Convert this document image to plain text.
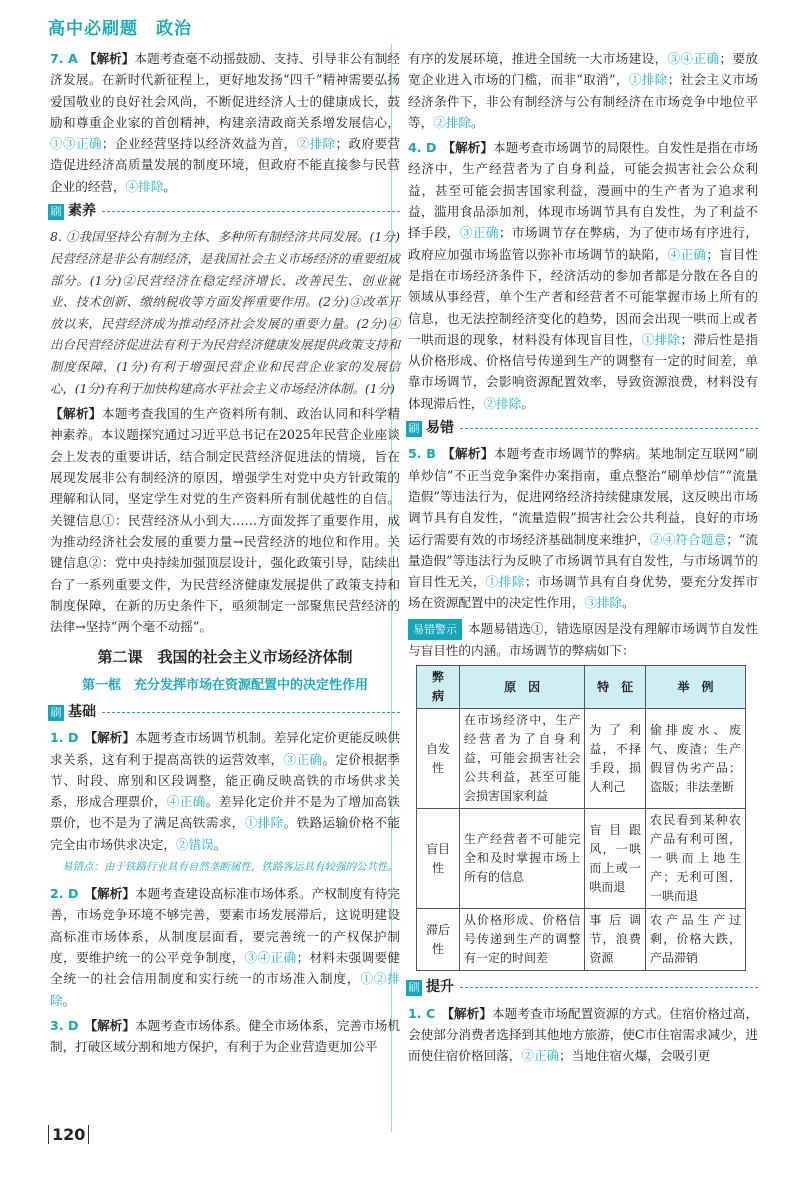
高中必刷题　政治

7. A 【解析】本题考查毫不动摇鼓励、支持、引导非公有制经济发展。在新时代新征程上，更好地发扬“四千”精神需要弘扬爱国敬业的良好社会风尚，不断促进经济人士的健康成长，鼓励和尊重企业家的首创精神，构建亲清政商关系增发展信心，①③正确；企业经营坚持以经济效益为首，②排除；政府要营造促进经济高质量发展的制度环境，但政府不能直接参与民营企业的经营，④排除。

刷 素养

8. ①我国坚持公有制为主体、多种所有制经济共同发展。(1分)民营经济是非公有制经济，是我国社会主义市场经济的重要组成部分。(1分)②民营经济在稳定经济增长、改善民生、创业就业、技术创新、缴纳税收等方面发挥重要作用。(2分)③改革开放以来，民营经济成为推动经济社会发展的重要力量。(2分)④出台民营经济促进法有利于为民营经济健康发展提供政策支持和制度保障，(1分)有利于增强民营企业和民营企业家的发展信心，(1分)有利于加快构建高水平社会主义市场经济体制。(1分)

【解析】本题考查我国的生产资料所有制、政治认同和科学精神素养。本议题探究通过习近平总书记在2025年民营企业座谈会上发表的重要讲话，结合制定民营经济促进法的情境，旨在展现发展非公有制经济的原因，增强学生对党中央方针政策的理解和认同，坚定学生对党的生产资料所有制优越性的自信。关键信息①：民营经济从小到大……方面发挥了重要作用，成为推动经济社会发展的重要力量→民营经济的地位和作用。关键信息②：党中央持续加强顶层设计，强化政策引导，陆续出台了一系列重要文件，为民营经济健康发展提供了政策支持和制度保障，在新的历史条件下，亟须制定一部聚焦民营经济的法律→坚持“两个毫不动摇”。

第二课　我国的社会主义市场经济体制
第一框　充分发挥市场在资源配置中的决定性作用
刷 基础

1. D 【解析】本题考查市场调节机制。差异化定价更能反映供求关系，这有利于提高高铁的运营效率，③正确。定价根据季节、时段、席别和区段调整，能正确反映高铁的市场供求关系，形成合理票价，④正确。差异化定价并不是为了增加高铁票价，也不是为了满足高铁需求，①排除。铁路运输价格不能完全由市场供求决定，②错误。

易错点：由于铁路行业具有自然垄断属性，铁路客运具有较强的公共性。

2. D 【解析】本题考查建设高标准市场体系。产权制度有待完善，市场竞争环境不够完善，要素市场发展滞后，这说明建设高标准市场体系，从制度层面看，要完善统一的产权保护制度，要维护统一的公平竞争制度，③④正确；材料未强调要健全统一的社会信用制度和实行统一的市场准入制度，①②排除。

3. D 【解析】本题考查市场体系。健全市场体系，完善市场机制，打破区域分割和地方保护，有利于为企业营造更加公平

有序的发展环境，推进全国统一大市场建设，③④正确；要放宽企业进入市场的门槛，而非“取消”，①排除；社会主义市场经济条件下，非公有制经济与公有制经济在市场竞争中地位平等，②排除。

4. D 【解析】本题考查市场调节的局限性。自发性是指在市场经济中，生产经营者为了自身利益，可能会损害社会公众利益，甚至可能会损害国家利益，漫画中的生产者为了追求利益，滥用食品添加剂，体现市场调节具有自发性，为了利益不择手段，③正确；市场调节存在弊病，为了使市场有序进行，政府应加强市场监管以弥补市场调节的缺陷，④正确；盲目性是指在市场经济条件下，经济活动的参加者都是分散在各自的领域从事经营，单个生产者和经营者不可能掌握市场上所有的信息，也无法控制经济变化的趋势，因而会出现一哄而上或者一哄而退的现象，材料没有体现盲目性，①排除；滞后性是指从价格形成、价格信号传递到生产的调整有一定的时间差，单靠市场调节，会影响资源配置效率，导致资源浪费，材料没有体现滞后性，②排除。

刷 易错

5. B 【解析】本题考查市场调节的弊病。某地制定互联网“刷单炒信”不正当竞争案件办案指南，重点整治“刷单炒信”“流量造假”等违法行为，促进网络经济持续健康发展，这反映出市场调节具有自发性，“流量造假”损害社会公共利益，良好的市场运行需要有效的市场经济基础制度来维护，②④符合题意；“流量造假”等违法行为反映了市场调节具有自发性，与市场调节的盲目性无关，①排除；市场调节具有自身优势，要充分发挥市场在资源配置中的决定性作用，③排除。

易错警示 本题易错选①，错选原因是没有理解市场调节自发性与盲目性的内涵。市场调节的弊病如下：

弊　病	原　因	特　征	举　例
自发性	在市场经济中，生产经营者为了自身利益，可能会损害社会公共利益，甚至可能会损害国家利益	为了利益，不择手段，损人利己	偷排废水、废气、废渣；生产假冒伪劣产品；盗版；非法垄断
盲目性	生产经营者不可能完全和及时掌握市场上所有的信息	盲目跟风，一哄而上或一哄而退	农民看到某种农产品有利可图，一哄而上地生产；无利可图，一哄而退
滞后性	从价格形成、价格信号传递到生产的调整有一定的时间差	事后调节，浪费资源	农产品生产过剩，价格大跌，产品滞销
刷 提升

1. C 【解析】本题考查市场配置资源的方式。住宿价格过高，会使部分消费者选择到其他地方旅游，使C市住宿需求减少，进而使住宿价格回落，②正确；当地住宿火爆，会吸引更

120
